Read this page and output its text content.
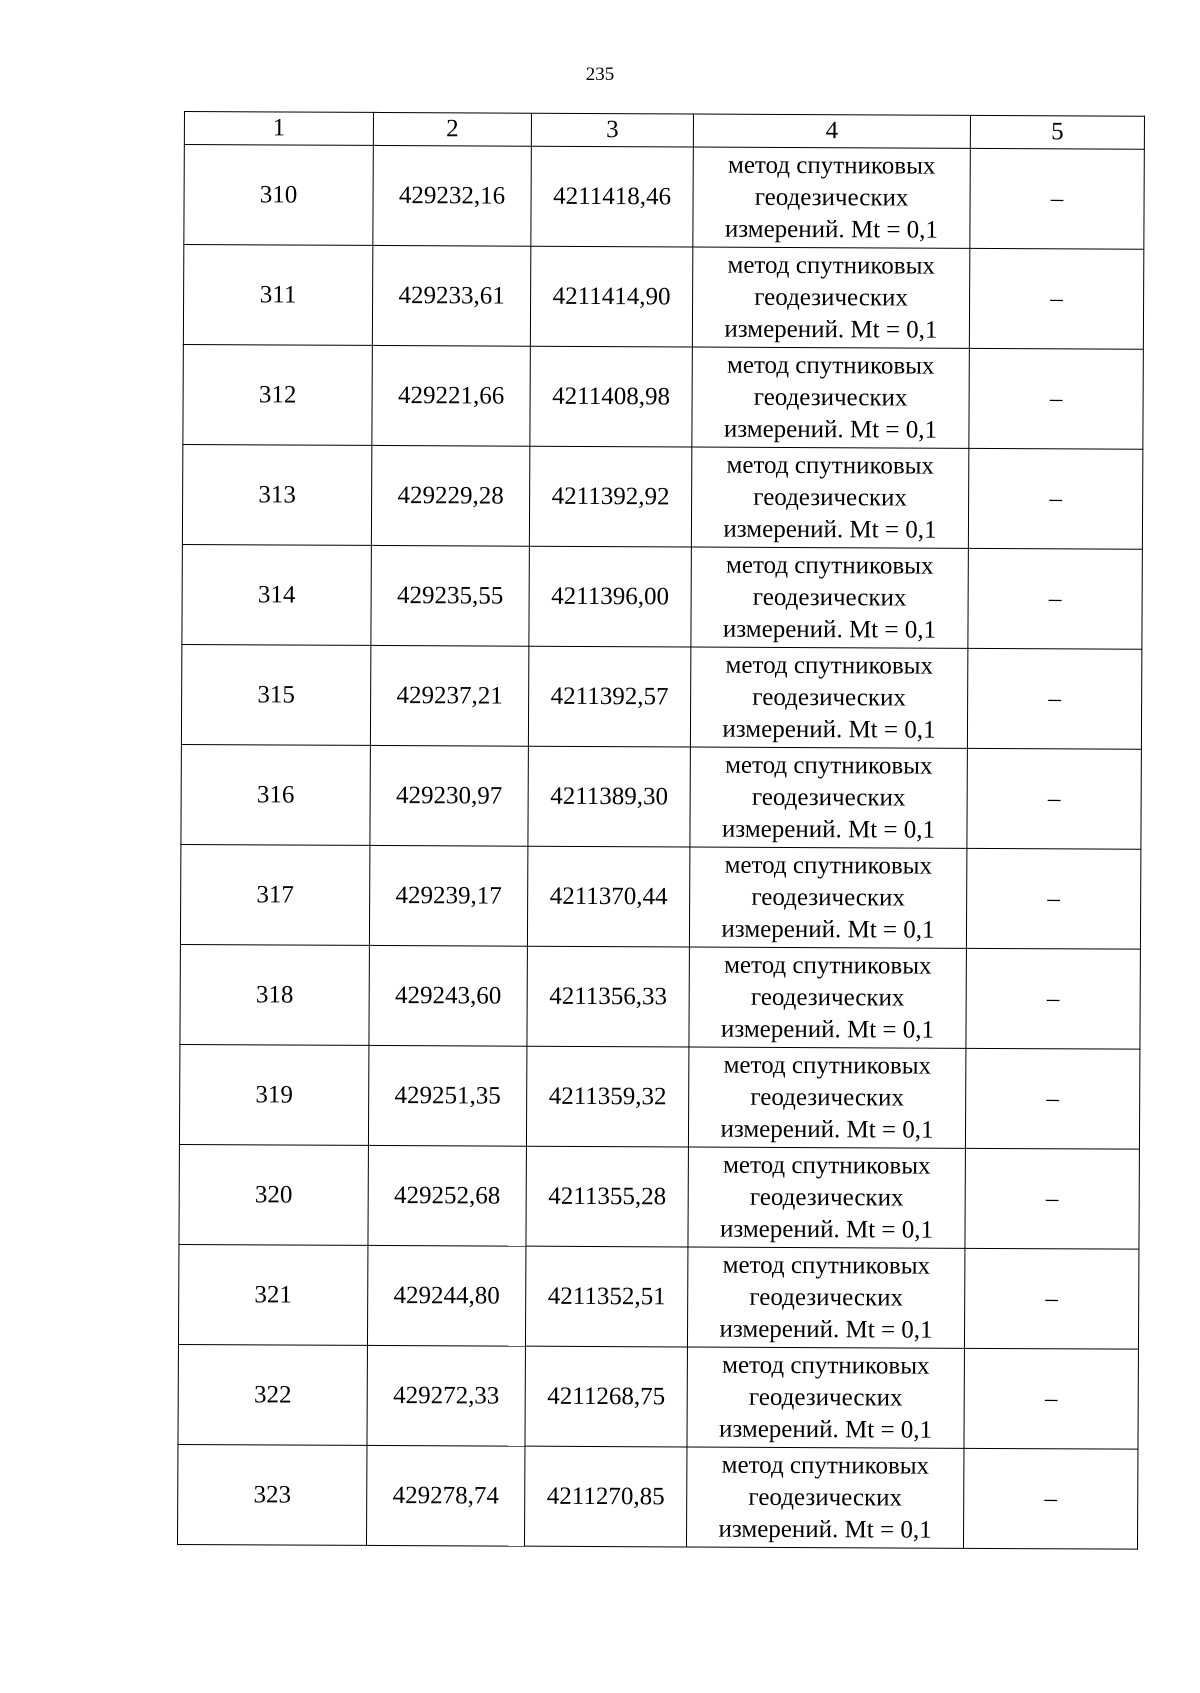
235
1	2	3	4	5
310	429232,16	4211418,46	метод спутниковых
геодезических
измерений. Mt = 0,1	–
311	429233,61	4211414,90	метод спутниковых
геодезических
измерений. Mt = 0,1	–
312	429221,66	4211408,98	метод спутниковых
геодезических
измерений. Mt = 0,1	–
313	429229,28	4211392,92	метод спутниковых
геодезических
измерений. Mt = 0,1	–
314	429235,55	4211396,00	метод спутниковых
геодезических
измерений. Mt = 0,1	–
315	429237,21	4211392,57	метод спутниковых
геодезических
измерений. Mt = 0,1	–
316	429230,97	4211389,30	метод спутниковых
геодезических
измерений. Mt = 0,1	–
317	429239,17	4211370,44	метод спутниковых
геодезических
измерений. Mt = 0,1	–
318	429243,60	4211356,33	метод спутниковых
геодезических
измерений. Mt = 0,1	–
319	429251,35	4211359,32	метод спутниковых
геодезических
измерений. Mt = 0,1	–
320	429252,68	4211355,28	метод спутниковых
геодезических
измерений. Mt = 0,1	–
321	429244,80	4211352,51	метод спутниковых
геодезических
измерений. Mt = 0,1	–
322	429272,33	4211268,75	метод спутниковых
геодезических
измерений. Mt = 0,1	–
323	429278,74	4211270,85	метод спутниковых
геодезических
измерений. Mt = 0,1	–
